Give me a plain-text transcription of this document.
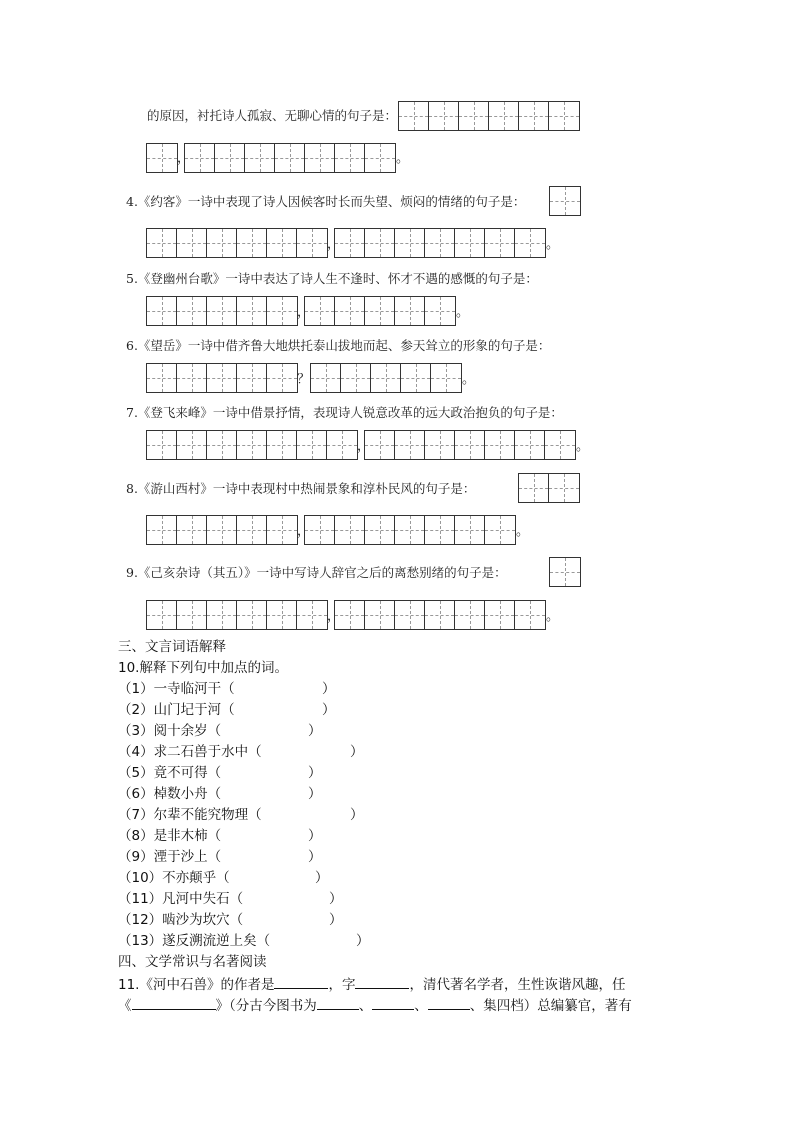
的原因，衬托诗人孤寂、无聊心情的句子是：
，	。
4.《约客》一诗中表现了诗人因候客时长而失望、烦闷的情绪的句子是：
，	。
5.《登幽州台歌》一诗中表达了诗人生不逢时、怀才不遇的感慨的句子是：
，	。
6.《望岳》一诗中借齐鲁大地烘托泰山拔地而起、参天耸立的形象的句子是：
？	。
7.《登飞来峰》一诗中借景抒情，表现诗人锐意改革的远大政治抱负的句子是：
，	。
8.《游山西村》一诗中表现村中热闹景象和淳朴民风的句子是：
，	。
9.《己亥杂诗（其五）》一诗中写诗人辞官之后的离愁别绪的句子是：
，	。
三、文言词语解释
10.解释下列句中加点的词。
（1）一寺临河干（	）
（2）山门圮于河（	）
（3）阅十余岁（	）
（4）求二石兽于水中（	）
（5）竟不可得（	）
（6）棹数小舟（	）
（7）尔辈不能究物理（	）
（8）是非木柿（	）
（9）湮于沙上（	）
（10）不亦颠乎（	）
（11）凡河中失石（	）
（12）啮沙为坎穴（	）
（13）遂反溯流逆上矣（	）
四、文学常识与名著阅读
11.《河中石兽》的作者是	，字	，清代著名学者，生性诙谐风趣，任
《	》（分古今图书为	、	、	、集四档）总编纂官，著有
